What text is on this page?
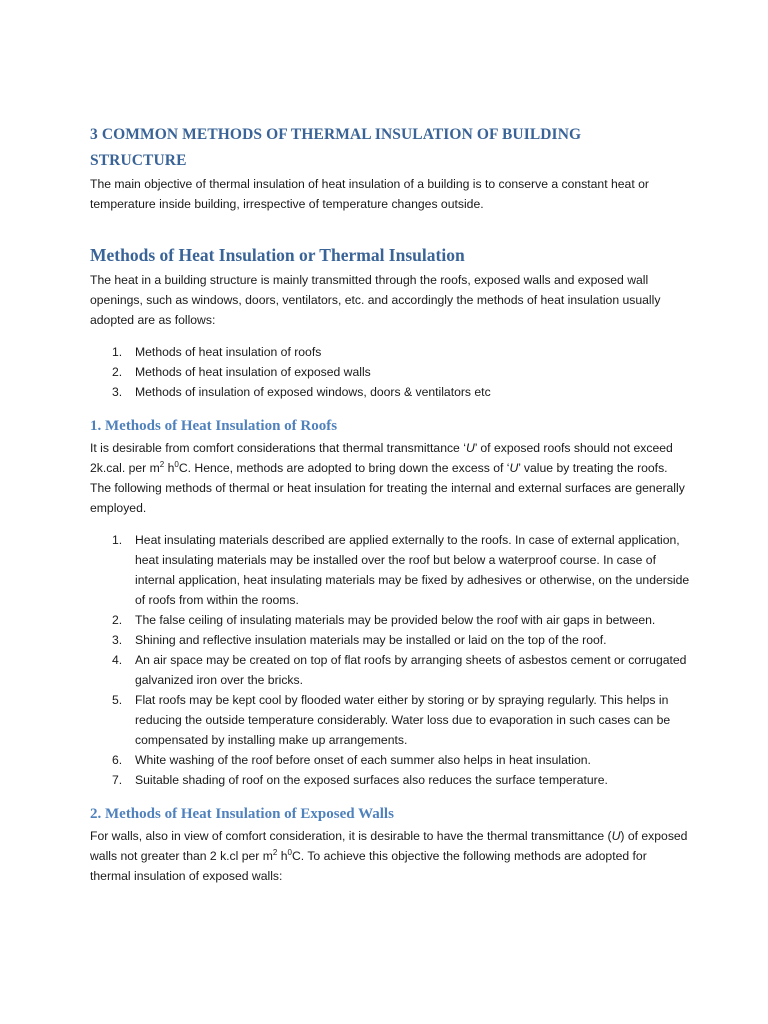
3 COMMON METHODS OF THERMAL INSULATION OF BUILDING
STRUCTURE

The main objective of thermal insulation of heat insulation of a building is to conserve a constant heat or temperature inside building, irrespective of temperature changes outside.

Methods of Heat Insulation or Thermal Insulation

The heat in a building structure is mainly transmitted through the roofs, exposed walls and exposed wall openings, such as windows, doors, ventilators, etc. and accordingly the methods of heat insulation usually adopted are as follows:

1. Methods of heat insulation of roofs
2. Methods of heat insulation of exposed walls
3. Methods of insulation of exposed windows, doors & ventilators etc
1. Methods of Heat Insulation of Roofs

It is desirable from comfort considerations that thermal transmittance ‘U’ of exposed roofs should not exceed 2k.cal. per $m^2$ $h^0C$. Hence, methods are adopted to bring down the excess of ‘U’ value by treating the roofs. The following methods of thermal or heat insulation for treating the internal and external surfaces are generally employed.

1. Heat insulating materials described are applied externally to the roofs. In case of external application, heat insulating materials may be installed over the roof but below a waterproof course. In case of internal application, heat insulating materials may be fixed by adhesives or otherwise, on the underside of roofs from within the rooms.
2. The false ceiling of insulating materials may be provided below the roof with air gaps in between.
3. Shining and reflective insulation materials may be installed or laid on the top of the roof.
4. An air space may be created on top of flat roofs by arranging sheets of asbestos cement or corrugated galvanized iron over the bricks.
5. Flat roofs may be kept cool by flooded water either by storing or by spraying regularly. This helps in reducing the outside temperature considerably. Water loss due to evaporation in such cases can be compensated by installing make up arrangements.
6. White washing of the roof before onset of each summer also helps in heat insulation.
7. Suitable shading of roof on the exposed surfaces also reduces the surface temperature.
2. Methods of Heat Insulation of Exposed Walls

For walls, also in view of comfort consideration, it is desirable to have the thermal transmittance (U) of exposed walls not greater than 2 k.cl per $m^2$ $h^0C$. To achieve this objective the following methods are adopted for thermal insulation of exposed walls:
